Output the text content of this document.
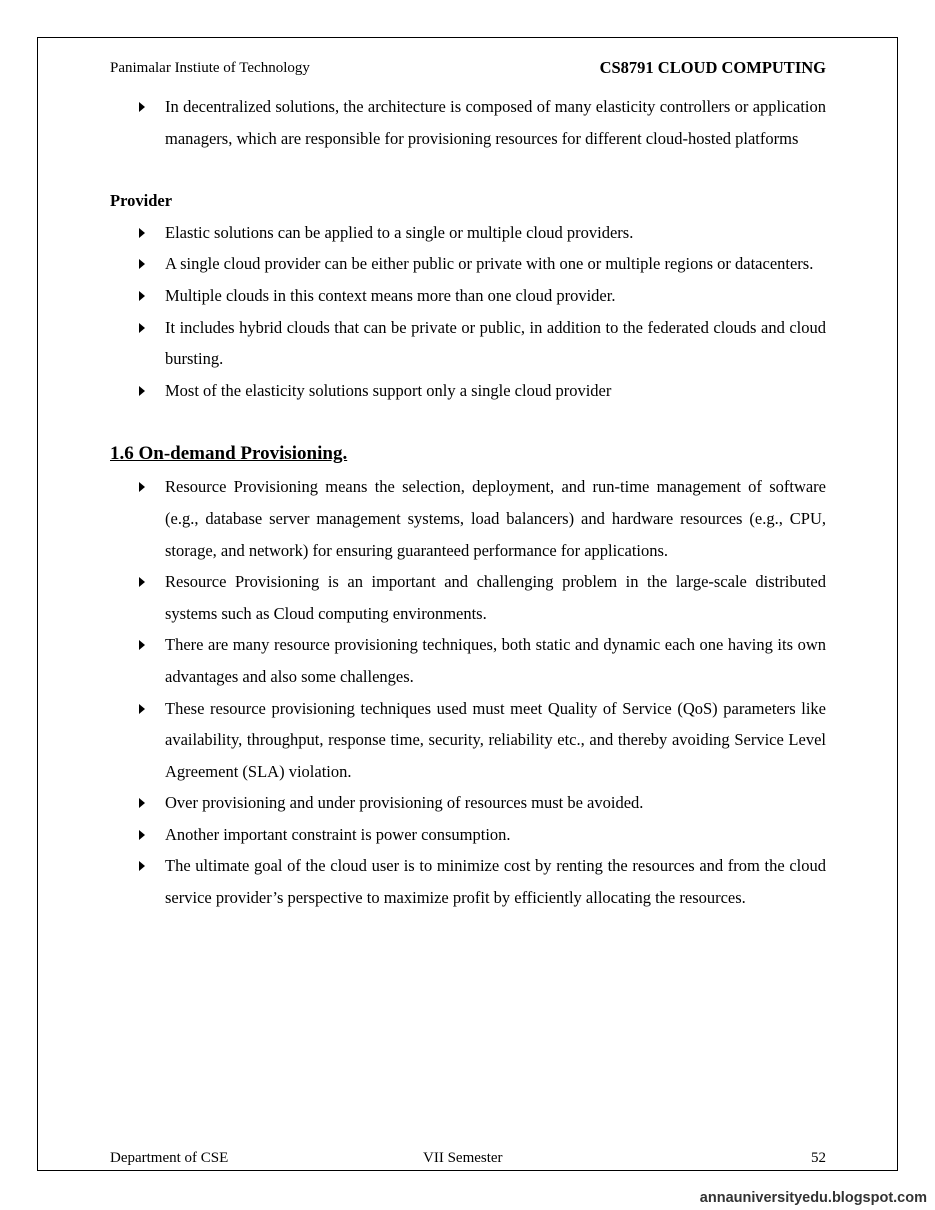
Panimalar Instiute of Technology	CS8791 CLOUD COMPUTING
In decentralized solutions, the architecture is composed of many elasticity controllers or application managers, which are responsible for provisioning resources for different cloud-hosted platforms
Provider
Elastic solutions can be applied to a single or multiple cloud providers.
A single cloud provider can be either public or private with one or multiple regions or datacenters.
Multiple clouds in this context means more than one cloud provider.
It includes hybrid clouds that can be private or public, in addition to the federated clouds and cloud bursting.
Most of the elasticity solutions support only a single cloud provider
1.6 On-demand Provisioning.
Resource Provisioning means the selection, deployment, and run-time management of software (e.g., database server management systems, load balancers) and hardware resources (e.g., CPU, storage, and network) for ensuring guaranteed performance for applications.
Resource Provisioning is an important and challenging problem in the large-scale distributed systems such as Cloud computing environments.
There are many resource provisioning techniques, both static and dynamic each one having its own advantages and also some challenges.
These resource provisioning techniques used must meet Quality of Service (QoS) parameters like availability, throughput, response time, security, reliability etc., and thereby avoiding Service Level Agreement (SLA) violation.
Over provisioning and under provisioning of resources must be avoided.
Another important constraint is power consumption.
The ultimate goal of the cloud user is to minimize cost by renting the resources and from the cloud service provider’s perspective to maximize profit by efficiently allocating the resources.
Department of CSE	VII Semester	52
annauniversityedu.blogspot.com
